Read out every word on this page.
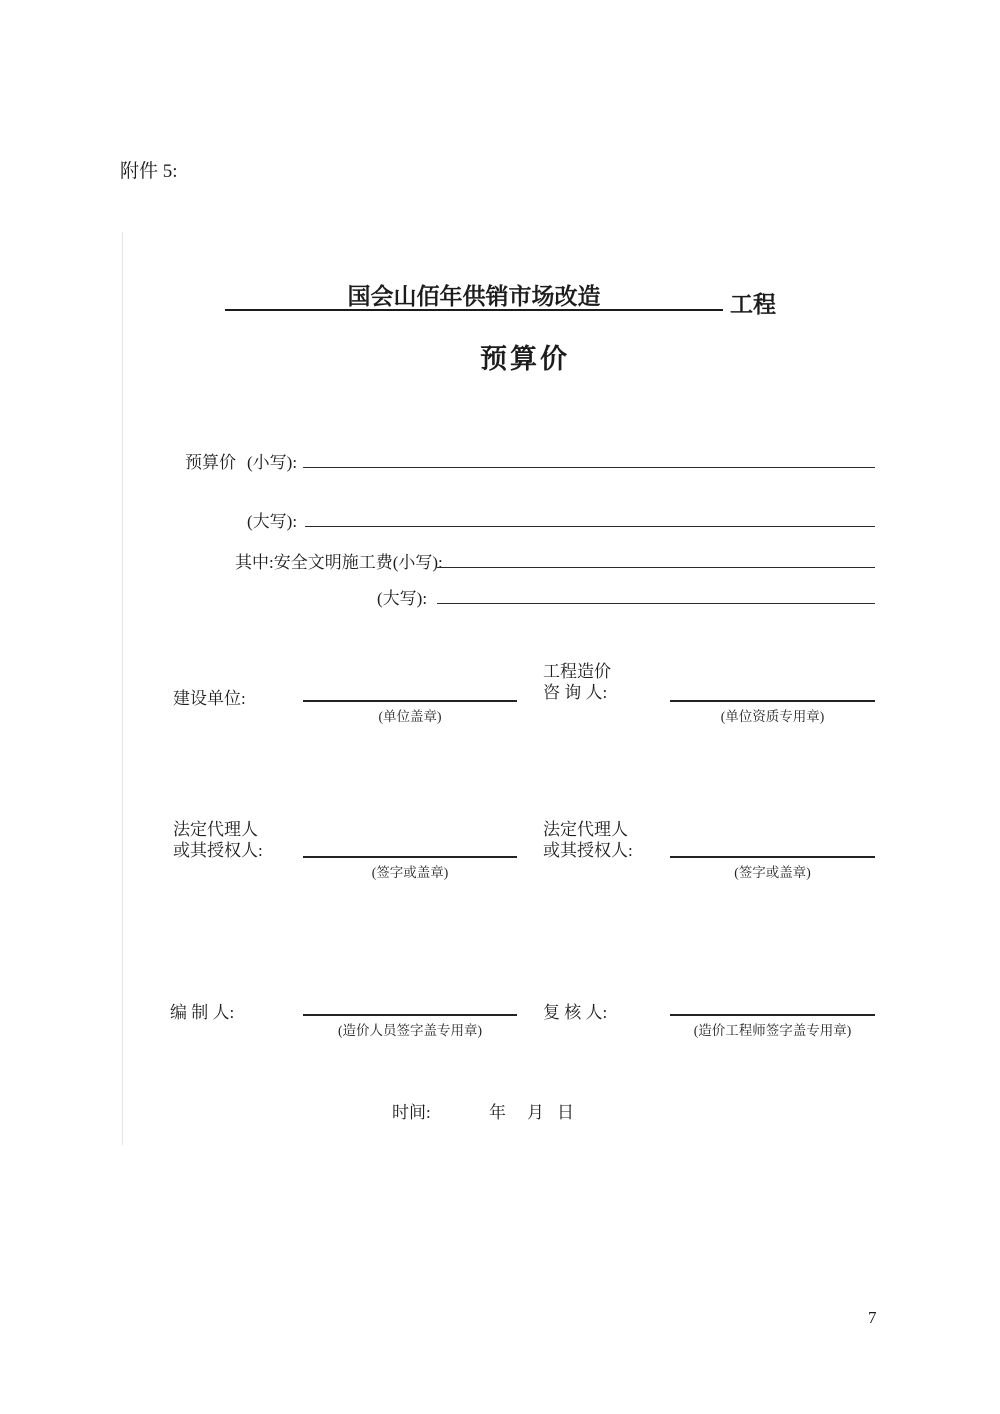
附件 5:
国会山佰年供销市场改造	工程
预算价
预算价 (小写):
(大写):
其中:安全文明施工费(小写):
(大写):
建设单位:
(单位盖章)
工程造价
咨 询 人:
(单位资质专用章)
法定代理人
或其授权人:
(签字或盖章)
法定代理人
或其授权人:
(签字或盖章)
编 制 人:
(造价人员签字盖专用章)
复 核 人:
(造价工程师签字盖专用章)
时间:	年 月 日
7
